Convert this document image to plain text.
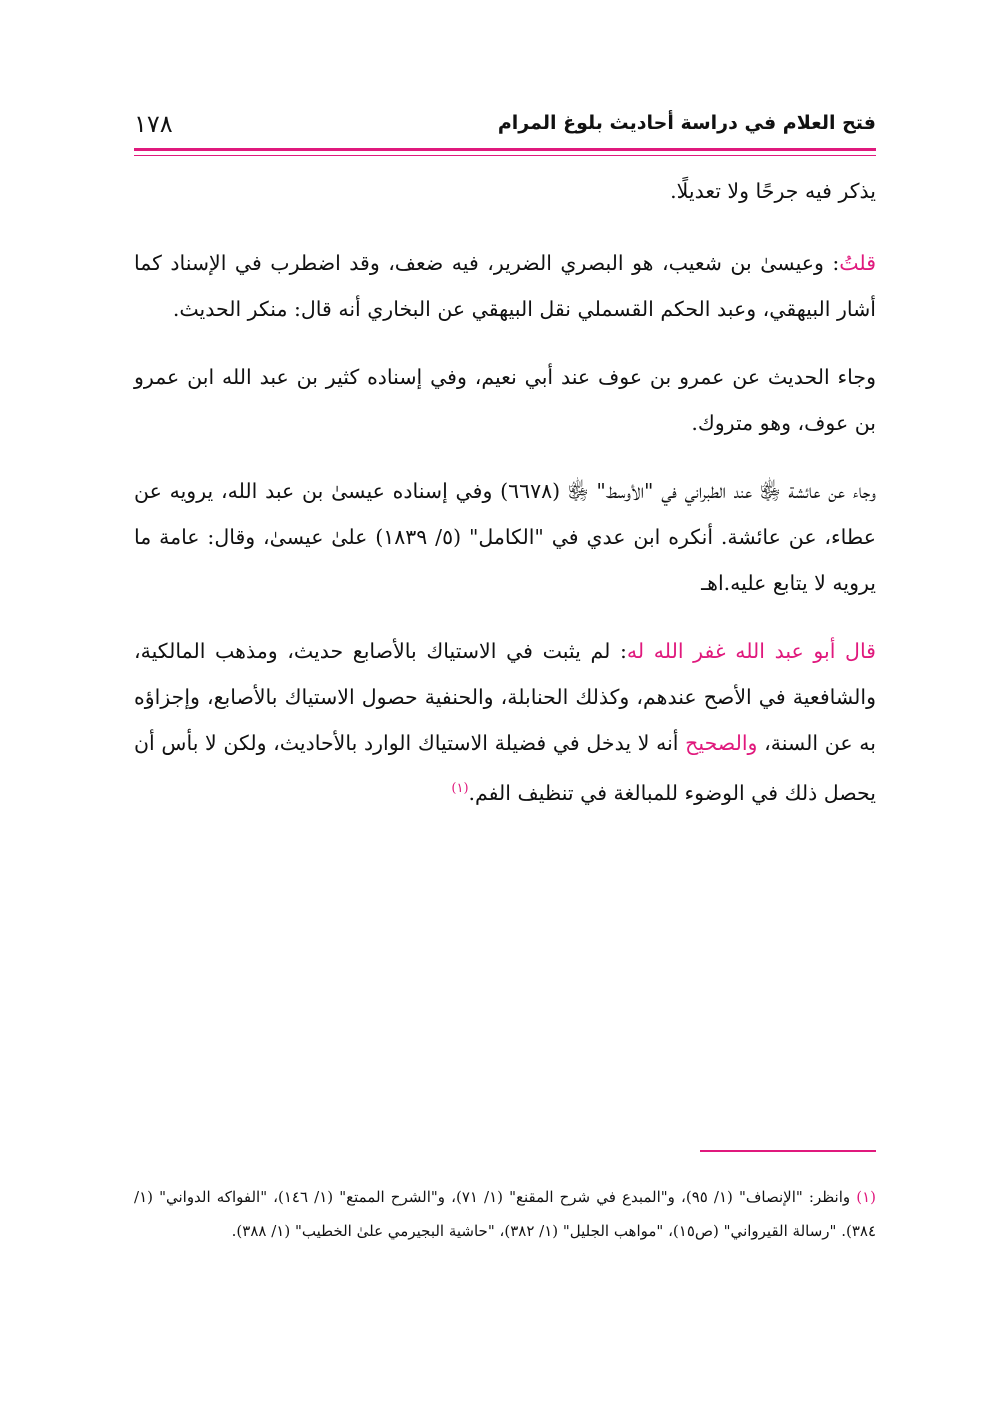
فتح العلام في دراسة أحاديث بلوغ المرام
١٧٨

يذكر فيه جرحًا ولا تعديلًا.

قلتُ: وعيسىٰ بن شعيب، هو البصري الضرير، فيه ضعف، وقد اضطرب في الإسناد كما أشار البيهقي، وعبد الحكم القسملي نقل البيهقي عن البخاري أنه قال: منكر الحديث.

وجاء الحديث عن عمرو بن عوف عند أبي نعيم، وفي إسناده كثير بن عبد الله ابن عمرو بن عوف، وهو متروك.

وجاء عن عائشة ﵂ عند الطبراني في "الأوسط" ﵂ (٦٦٧٨) وفي إسناده عيسىٰ بن عبد الله، يرويه عن عطاء، عن عائشة. أنكره ابن عدي في "الكامل" (٥/ ١٨٣٩) علىٰ عيسىٰ، وقال: عامة ما يرويه لا يتابع عليه.اهـ

قال أبو عبد الله غفر الله له: لم يثبت في الاستياك بالأصابع حديث، ومذهب المالكية، والشافعية في الأصح عندهم، وكذلك الحنابلة، والحنفية حصول الاستياك بالأصابع، وإجزاؤه به عن السنة، والصحيح أنه لا يدخل في فضيلة الاستياك الوارد بالأحاديث، ولكن لا بأس أن يحصل ذلك في الوضوء للمبالغة في تنظيف الفم.$^{(١)}$

(١) وانظر: "الإنصاف" (١/ ٩٥)، و"المبدع في شرح المقنع" (١/ ٧١)، و"الشرح الممتع" (١/ ١٤٦)، "الفواكه الدواني" (١/ ٣٨٤). "رسالة القيرواني" (ص١٥)، "مواهب الجليل" (١/ ٣٨٢)، "حاشية البجيرمي علىٰ الخطيب" (١/ ٣٨٨).
